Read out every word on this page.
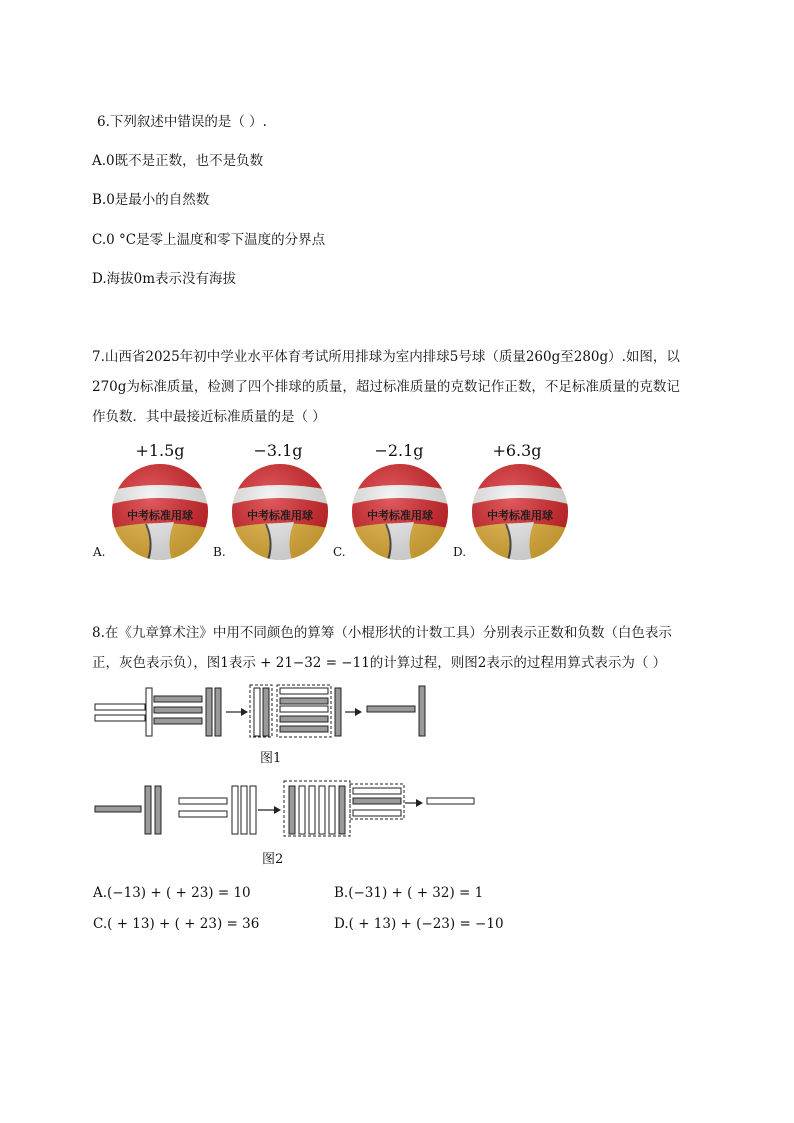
6.下列叙述中错误的是（ ）.
A.0既不是正数，也不是负数
B.0是最小的自然数
C.0 °C是零上温度和零下温度的分界点
D.海拔0m表示没有海拔
7.山西省2025年初中学业水平体育考试所用排球为室内排球5号球（质量260g至280g）.如图，以
270g为标准质量，检测了四个排球的质量，超过标准质量的克数记作正数，不足标准质量的克数记
作负数．其中最接近标准质量的是（ ）
中考标准用球	中考标准用球	中考标准用球	中考标准用球
+1.5g	−3.1g	−2.1g	+6.3g
A.	B.	C.	D.
8.在《九章算术注》中用不同颜色的算筹（小棍形状的计数工具）分别表示正数和负数（白色表示
正，灰色表示负），图1表示 + 21−32 = −11的计算过程，则图2表示的过程用算式表示为（ ）
图1
图2
A.(−13) + ( + 23) = 10	B.(−31) + ( + 32) = 1
C.( + 13) + ( + 23) = 36	D.( + 13) + (−23) = −10
